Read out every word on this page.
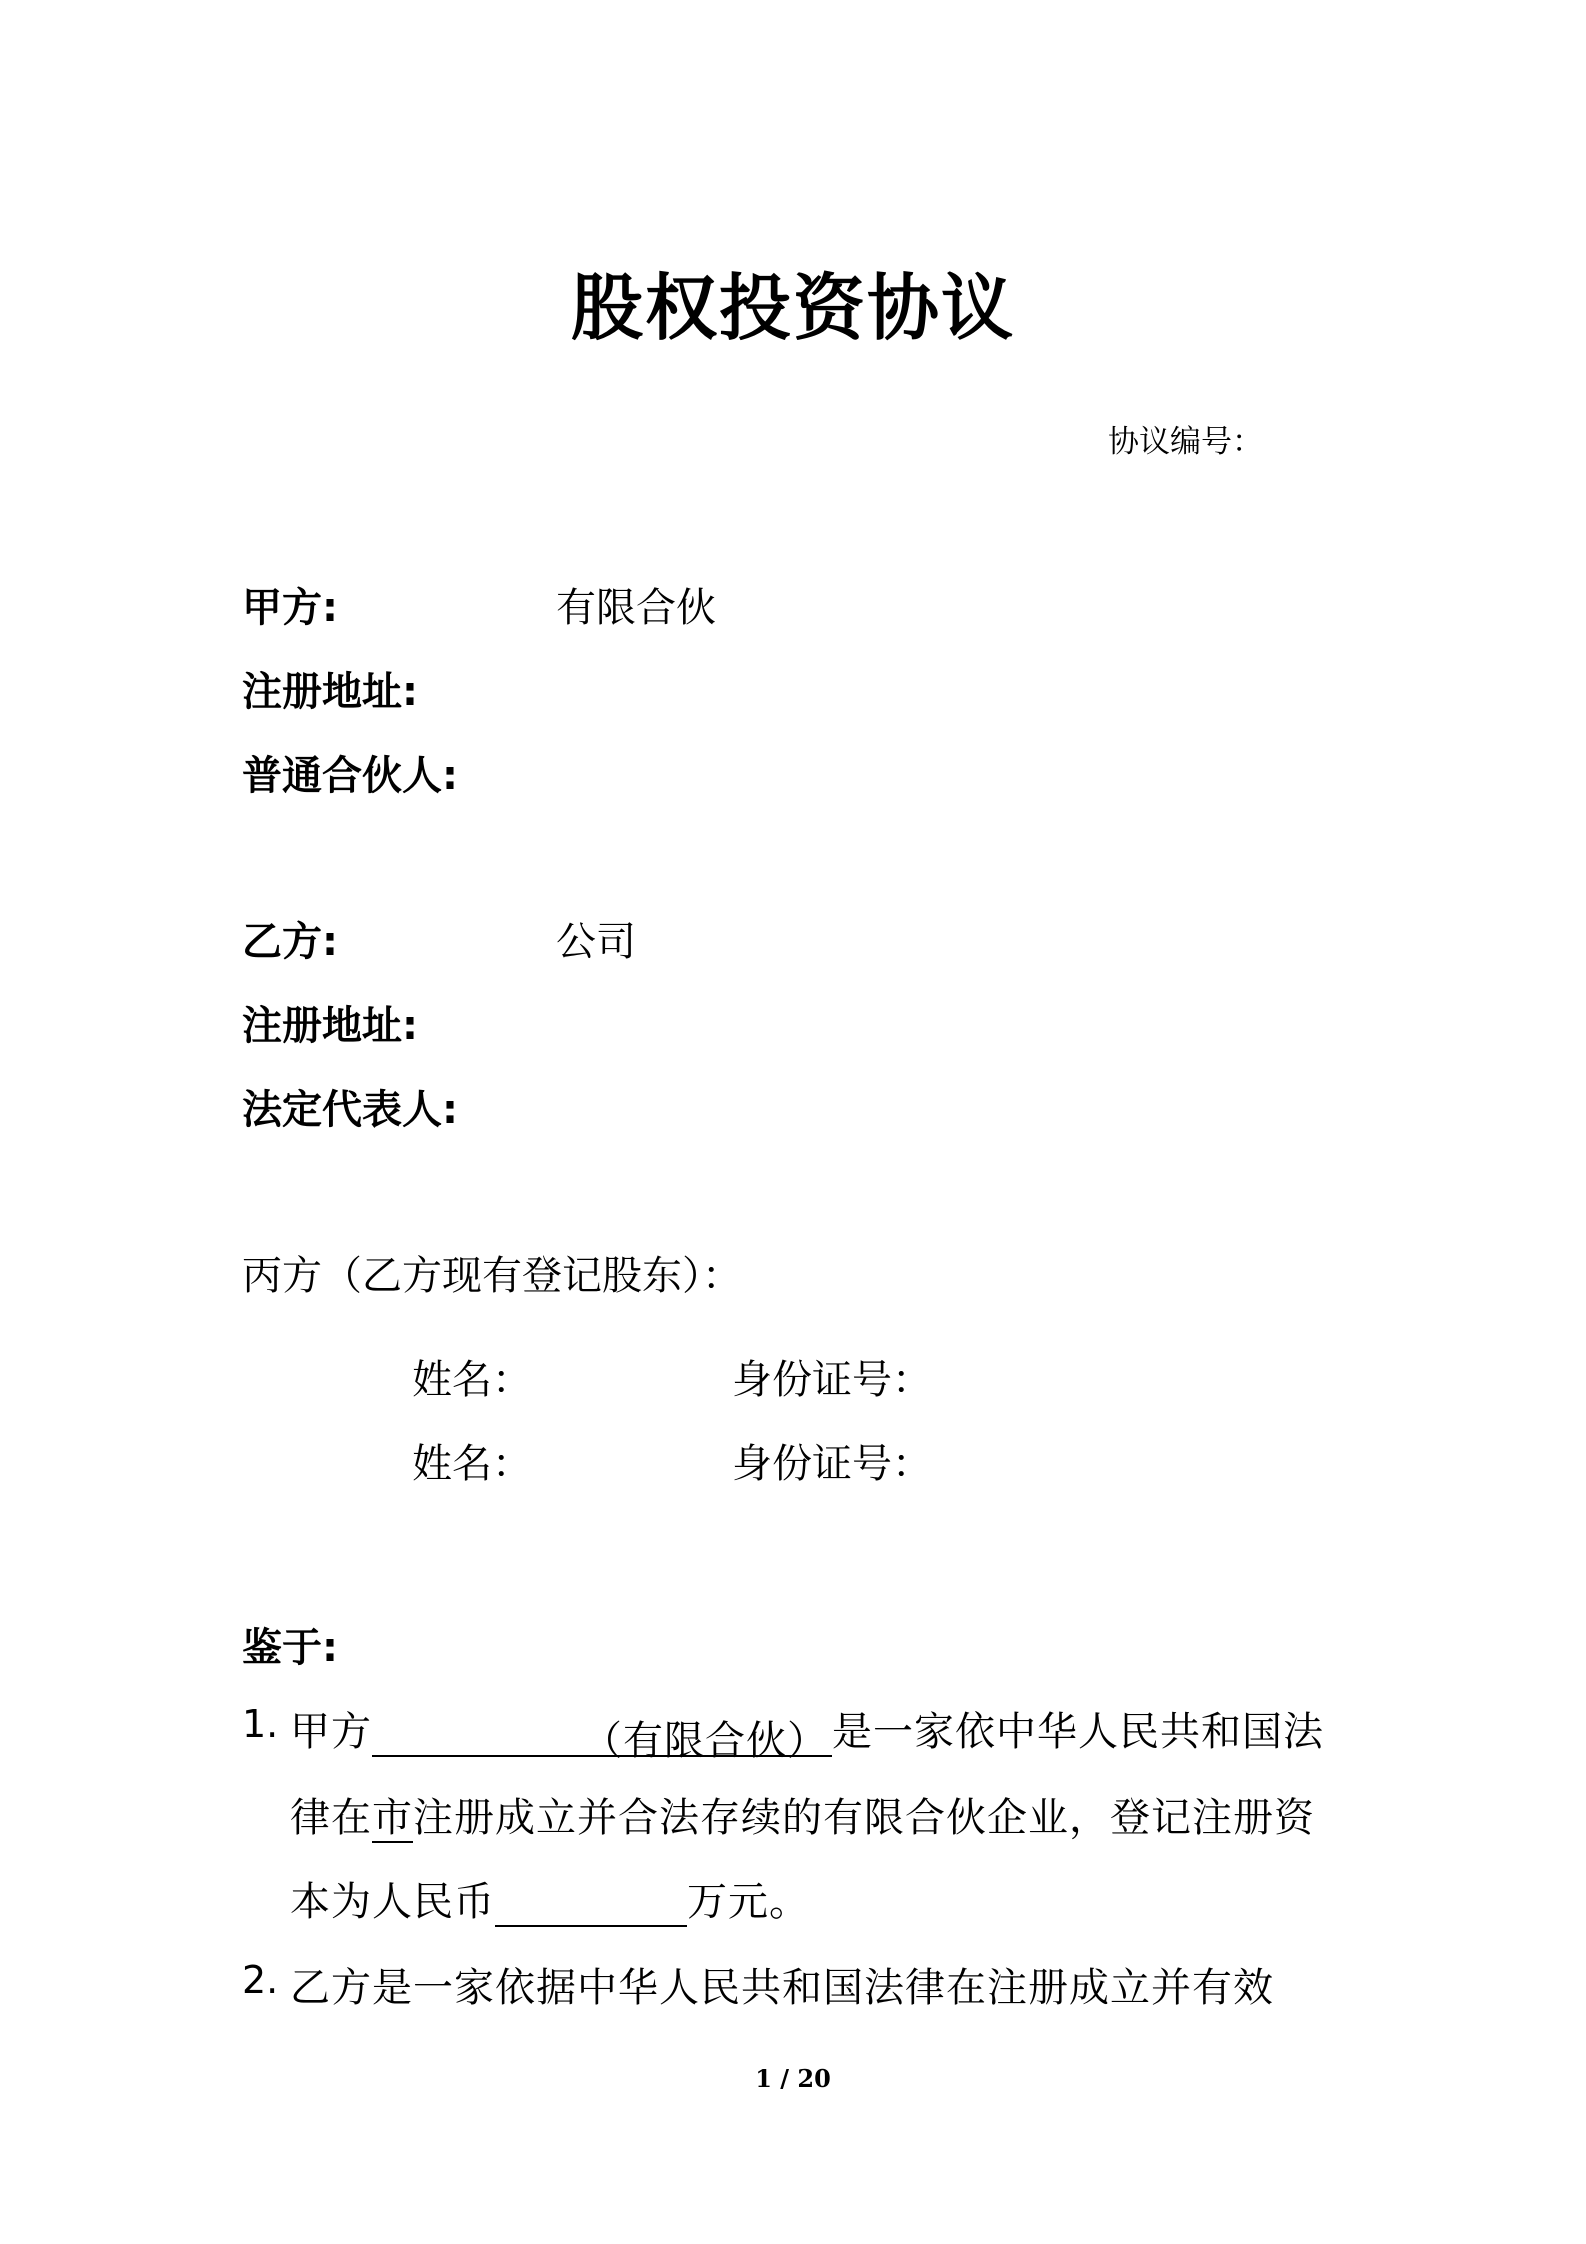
股权投资协议
协议编号：
甲方:	有限合伙
注册地址:
普通合伙人:
乙方:	公司
注册地址:
法定代表人:
丙方（乙方现有登记股东）：
姓名：	身份证号：
姓名：	身份证号：
鉴于:
1. 甲方	（有限合伙） 是一家依中华人民共和国法
律在市注册成立并合法存续的有限合伙企业，登记注册资
本为人民币	万元。
2. 乙方是一家依据中华人民共和国法律在注册成立并有效
1 / 20
